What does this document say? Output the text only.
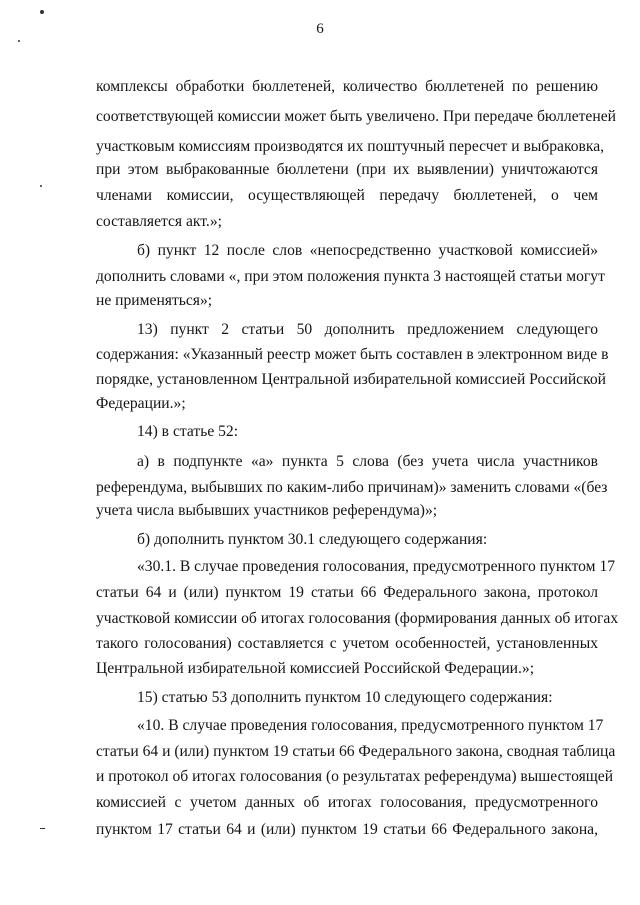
6
комплексы обработки бюллетеней, количество бюллетеней по решению
соответствующей комиссии может быть увеличено. При передаче бюллетеней
участковым комиссиям производятся их поштучный пересчет и выбраковка,
при этом выбракованные бюллетени (при их выявлении) уничтожаются
членами комиссии, осуществляющей передачу бюллетеней, о чем
составляется акт.»;
б) пункт 12 после слов «непосредственно участковой комиссией»
дополнить словами «, при этом положения пункта 3 настоящей статьи могут
не применяться»;
13) пункт 2 статьи 50 дополнить предложением следующего
содержания: «Указанный реестр может быть составлен в электронном виде в
порядке, установленном Центральной избирательной комиссией Российской
Федерации.»;
14) в статье 52:
а) в подпункте «а» пункта 5 слова (без учета числа участников
референдума, выбывших по каким-либо причинам)» заменить словами «(без
учета числа выбывших участников референдума)»;
б) дополнить пунктом 30.1 следующего содержания:
«30.1. В случае проведения голосования, предусмотренного пунктом 17
статьи 64 и (или) пунктом 19 статьи 66 Федерального закона, протокол
участковой комиссии об итогах голосования (формирования данных об итогах
такого голосования) составляется с учетом особенностей, установленных
Центральной избирательной комиссией Российской Федерации.»;
15) статью 53 дополнить пунктом 10 следующего содержания:
«10. В случае проведения голосования, предусмотренного пунктом 17
статьи 64 и (или) пунктом 19 статьи 66 Федерального закона, сводная таблица
и протокол об итогах голосования (о результатах референдума) вышестоящей
комиссией с учетом данных об итогах голосования, предусмотренного
пунктом 17 статьи 64 и (или) пунктом 19 статьи 66 Федерального закона,
